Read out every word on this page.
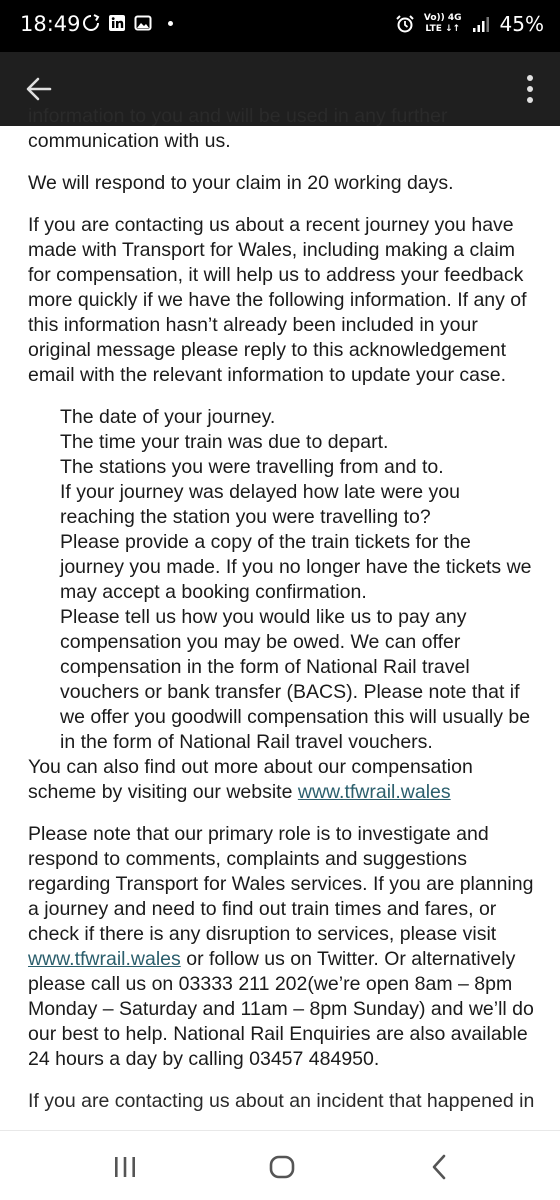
18:49	Vo)) 4G
LTE ↓↑ 45%

information to you and will be used in any further

communication with us.

We will respond to your claim in 20 working days.

If you are contacting us about a recent journey you have made with Transport for Wales, including making a claim for compensation, it will help us to address your feedback more quickly if we have the following information. If any of this information hasn’t already been included in your original message please reply to this acknowledgement email with the relevant information to update your case.

The date of your journey.
The time your train was due to depart.
The stations you were travelling from and to.
If your journey was delayed how late were you reaching the station you were travelling to?
Please provide a copy of the train tickets for the journey you made. If you no longer have the tickets we may accept a booking confirmation.
Please tell us how you would like us to pay any compensation you may be owed. We can offer compensation in the form of National Rail travel vouchers or bank transfer (BACS). Please note that if we offer you goodwill compensation this will usually be in the form of National Rail travel vouchers.

You can also find out more about our compensation scheme by visiting our website www.tfwrail.wales

Please note that our primary role is to investigate and respond to comments, complaints and suggestions regarding Transport for Wales services. If you are planning a journey and need to find out train times and fares, or check if there is any disruption to services, please visit www.tfwrail.wales or follow us on Twitter. Or alternatively please call us on 03333 211 202(we’re open 8am – 8pm Monday – Saturday and 11am – 8pm Sunday) and we’ll do our best to help. National Rail Enquiries are also available 24 hours a day by calling 03457 484950.

If you are contacting us about an incident that happened in
